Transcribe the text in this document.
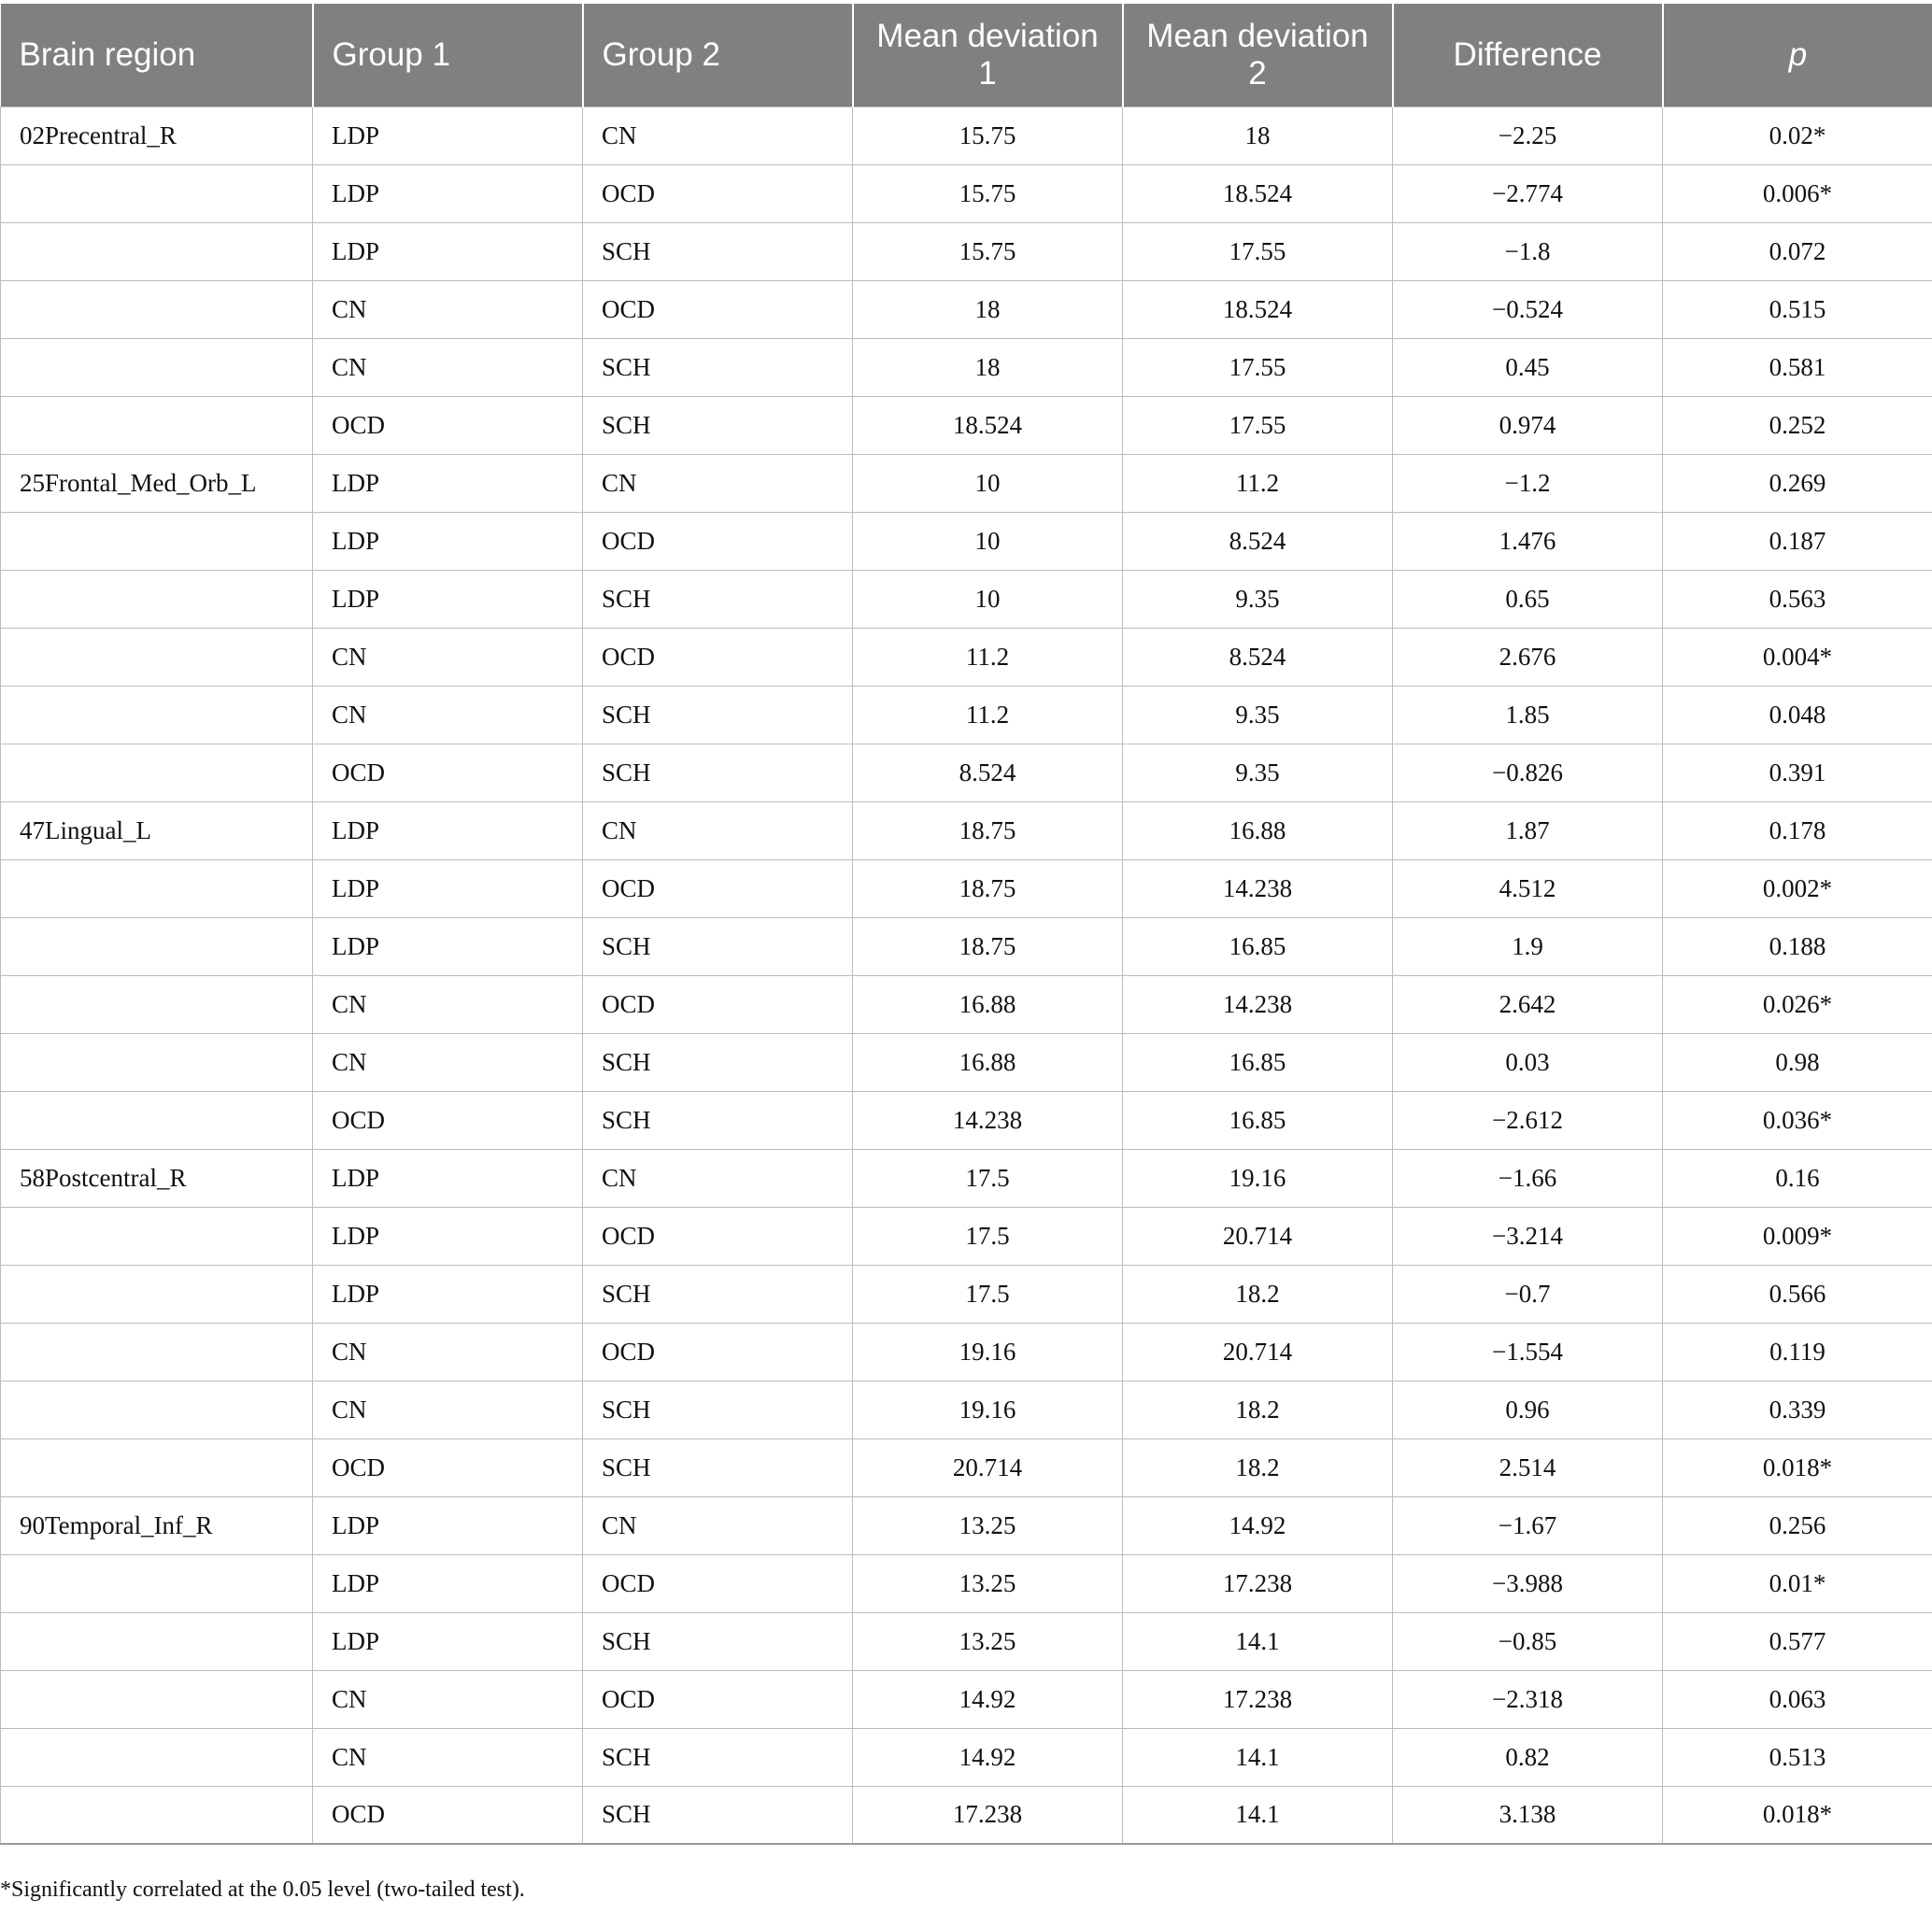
Brain region	Group 1	Group 2	Mean deviation 1	Mean deviation 2	Difference	p
02Precentral_R	LDP	CN	15.75	18	−2.25	0.02*
	LDP	OCD	15.75	18.524	−2.774	0.006*
	LDP	SCH	15.75	17.55	−1.8	0.072
	CN	OCD	18	18.524	−0.524	0.515
	CN	SCH	18	17.55	0.45	0.581
	OCD	SCH	18.524	17.55	0.974	0.252
25Frontal_Med_Orb_L	LDP	CN	10	11.2	−1.2	0.269
	LDP	OCD	10	8.524	1.476	0.187
	LDP	SCH	10	9.35	0.65	0.563
	CN	OCD	11.2	8.524	2.676	0.004*
	CN	SCH	11.2	9.35	1.85	0.048
	OCD	SCH	8.524	9.35	−0.826	0.391
47Lingual_L	LDP	CN	18.75	16.88	1.87	0.178
	LDP	OCD	18.75	14.238	4.512	0.002*
	LDP	SCH	18.75	16.85	1.9	0.188
	CN	OCD	16.88	14.238	2.642	0.026*
	CN	SCH	16.88	16.85	0.03	0.98
	OCD	SCH	14.238	16.85	−2.612	0.036*
58Postcentral_R	LDP	CN	17.5	19.16	−1.66	0.16
	LDP	OCD	17.5	20.714	−3.214	0.009*
	LDP	SCH	17.5	18.2	−0.7	0.566
	CN	OCD	19.16	20.714	−1.554	0.119
	CN	SCH	19.16	18.2	0.96	0.339
	OCD	SCH	20.714	18.2	2.514	0.018*
90Temporal_Inf_R	LDP	CN	13.25	14.92	−1.67	0.256
	LDP	OCD	13.25	17.238	−3.988	0.01*
	LDP	SCH	13.25	14.1	−0.85	0.577
	CN	OCD	14.92	17.238	−2.318	0.063
	CN	SCH	14.92	14.1	0.82	0.513
	OCD	SCH	17.238	14.1	3.138	0.018*

*Significantly correlated at the 0.05 level (two-tailed test).
